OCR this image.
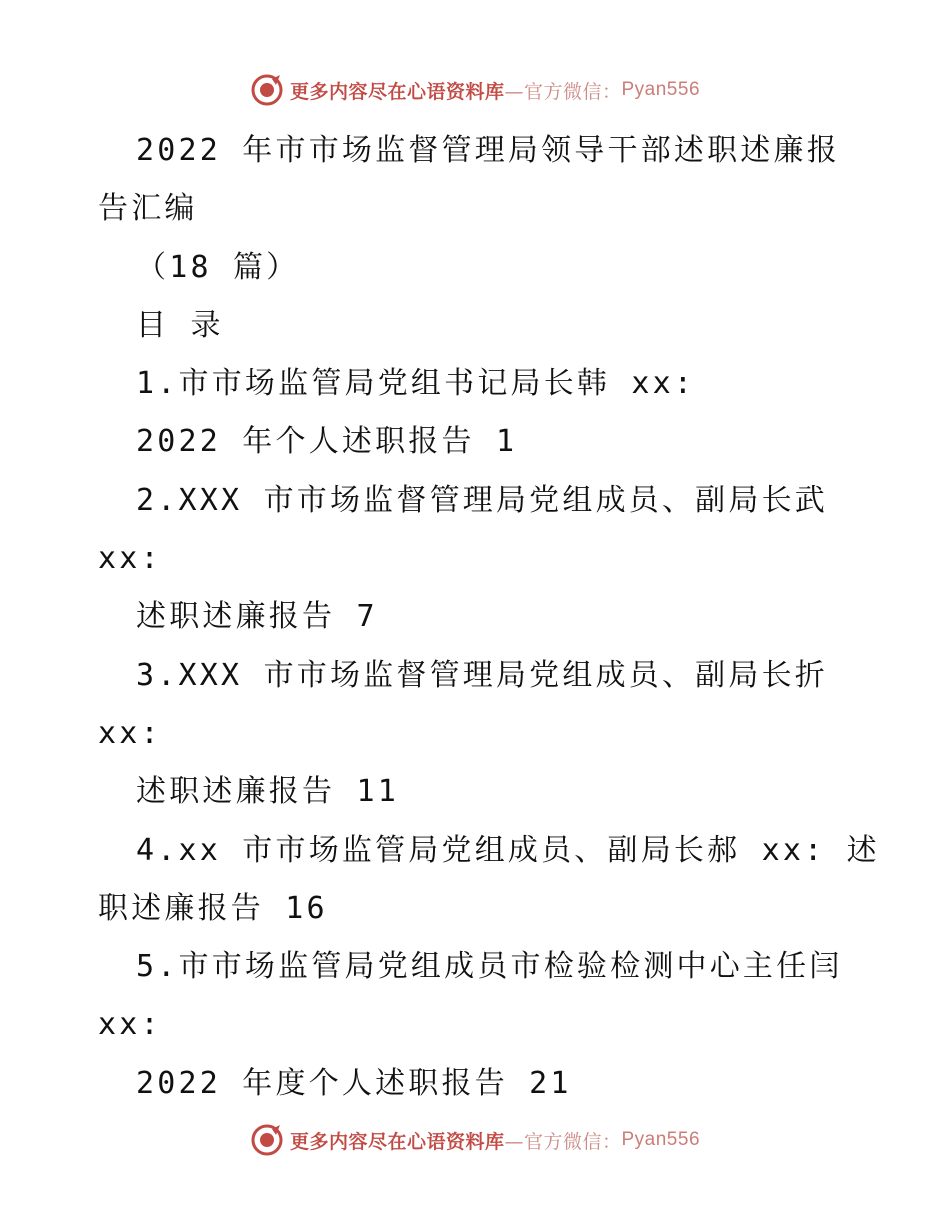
更多内容尽在心语资料库 —官方微信： Pyan556
2022 年市市场监督管理局领导干部述职述廉报
告汇编
（18 篇）
目 录
1.市市场监管局党组书记局长韩 xx:
2022 年个人述职报告 1
2.XXX 市市场监督管理局党组成员、副局长武
xx:
述职述廉报告 7
3.XXX 市市场监督管理局党组成员、副局长折
xx:
述职述廉报告 11
4.xx 市市场监管局党组成员、副局长郝 xx: 述
职述廉报告 16
5.市市场监管局党组成员市检验检测中心主任闫
xx:
2022 年度个人述职报告 21
更多内容尽在心语资料库 —官方微信： Pyan556
